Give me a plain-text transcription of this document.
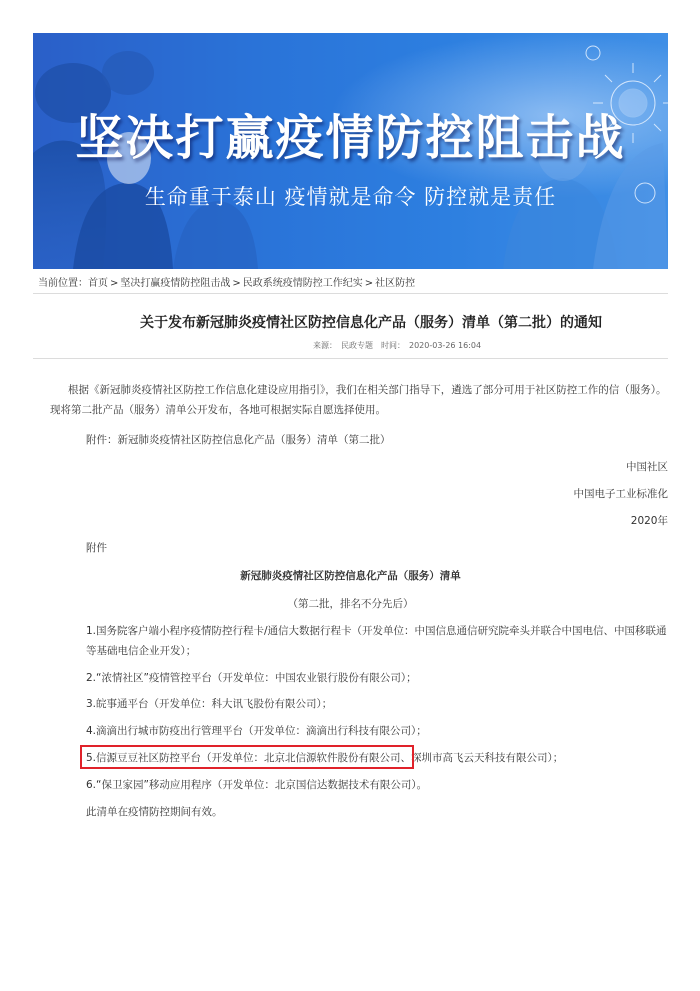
坚决打赢疫情防控阻击战
生命重于泰山 疫情就是命令 防控就是责任
当前位置：首页 > 坚决打赢疫情防控阻击战 > 民政系统疫情防控工作纪实 > 社区防控
关于发布新冠肺炎疫情社区防控信息化产品（服务）清单（第二批）的通知
来源： 民政专题 时间： 2020-03-26 16:04
根据《新冠肺炎疫情社区防控工作信息化建设应用指引》，我们在相关部门指导下，遴选了部分可用于社区防控工作的信（服务）。现将第二批产品（服务）清单公开发布，各地可根据实际自愿选择使用。
附件：新冠肺炎疫情社区防控信息化产品（服务）清单（第二批）
中国社区
中国电子工业标准化
2020年
附件
新冠肺炎疫情社区防控信息化产品（服务）清单
（第二批，排名不分先后）
1.国务院客户端小程序疫情防控行程卡/通信大数据行程卡（开发单位：中国信息通信研究院牵头并联合中国电信、中国移联通等基础电信企业开发）；
2.“浓情社区”疫情管控平台（开发单位：中国农业银行股份有限公司）；
3.皖事通平台（开发单位：科大讯飞股份有限公司）；
4.滴滴出行城市防疫出行管理平台（开发单位：滴滴出行科技有限公司）；
5.信源豆豆社区防控平台（开发单位：北京北信源软件股份有限公司、深圳市高飞云天科技有限公司）；
6.“保卫家园”移动应用程序（开发单位：北京国信达数据技术有限公司）。
此清单在疫情防控期间有效。
